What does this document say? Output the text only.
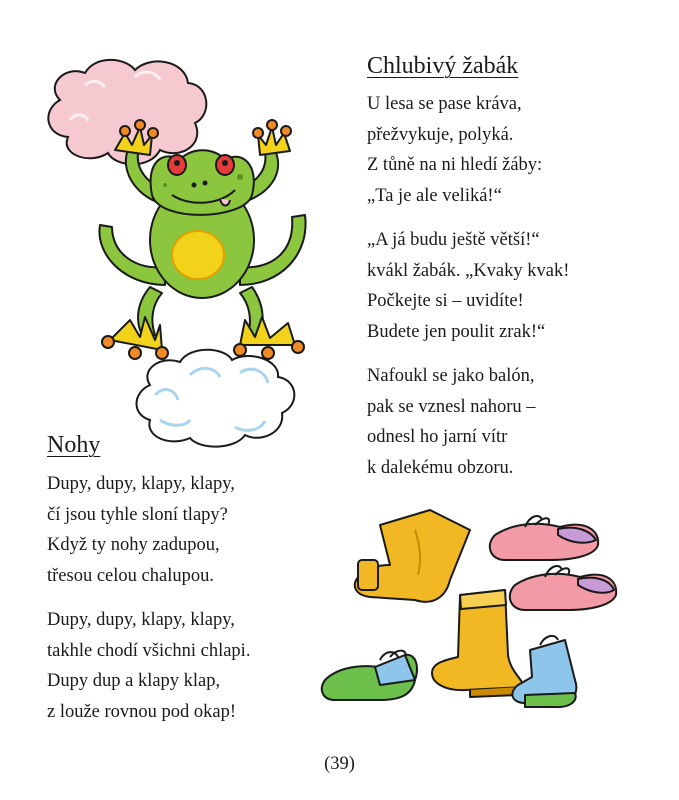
Chlubivý žabák

U lesa se pase kráva,
přežvykuje, polyká.
Z tůně na ni hledí žáby:
„Ta je ale veliká!“

„A já budu ještě větší!“
kvákl žabák. „Kvaky kvak!
Počkejte si – uvidíte!
Budete jen poulit zrak!“

Nafoukl se jako balón,
pak se vznesl nahoru –
odnesl ho jarní vítr
k dalekému obzoru.

Nohy

Dupy, dupy, klapy, klapy,
čí jsou tyhle sloní tlapy?
Když ty nohy zadupou,
třesou celou chalupou.

Dupy, dupy, klapy, klapy,
takhle chodí všichni chlapi.
Dupy dup a klapy klap,
z louže rovnou pod okap!

(39)
